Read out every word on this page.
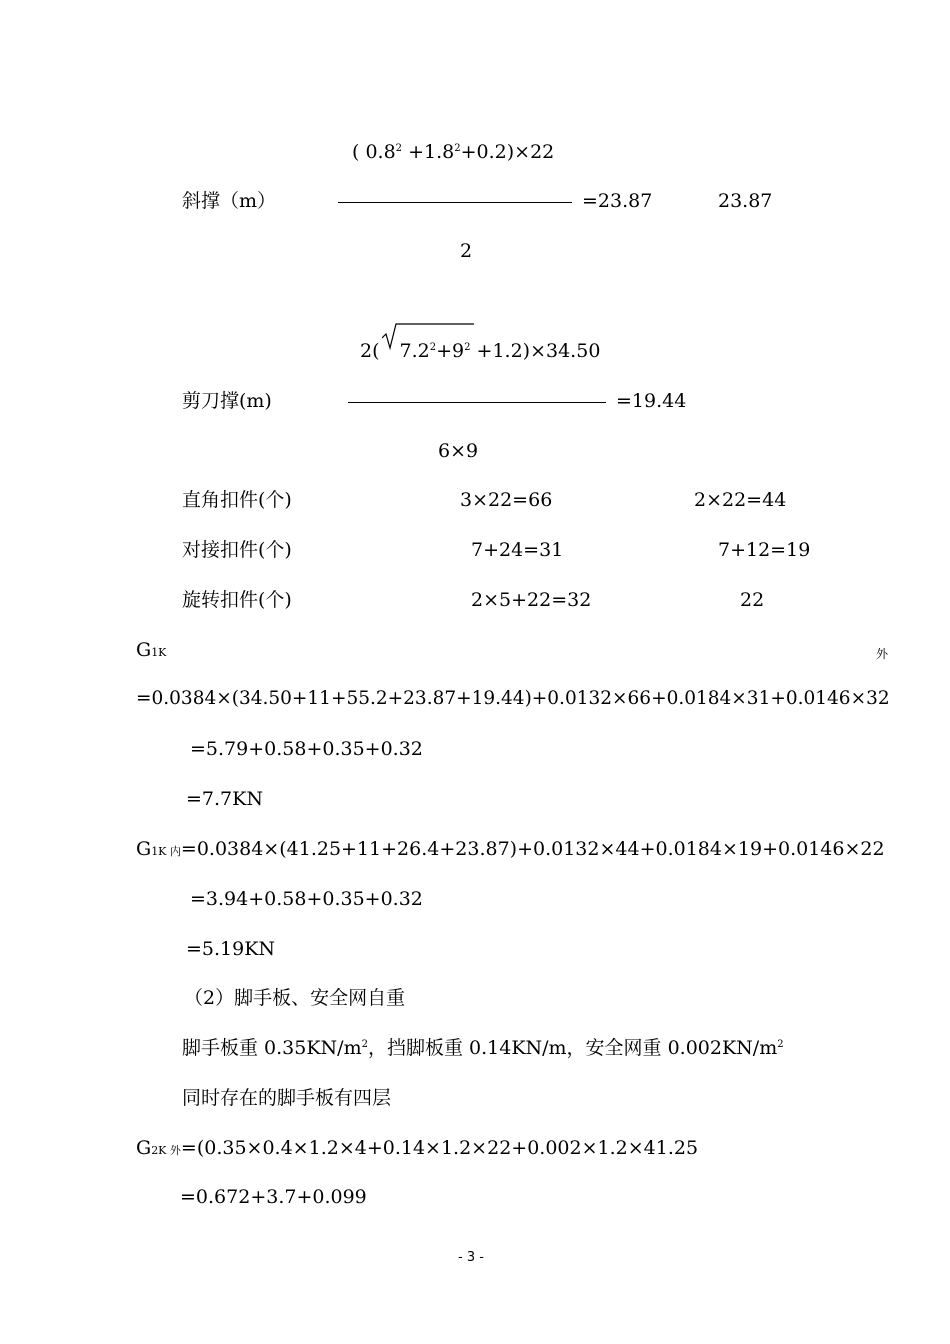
( $0.8^2 +1.8^2+0.2)\times 22$
斜撑（m）	=23.87	23.87
2
2( $7.2^2+9^2 +1.2)\times 34.50$
剪刀撑(m)	=19.44
6×9
直角扣件(个)	3×22=66	2×22=44
对接扣件(个)	7+24=31	7+12=19
旋转扣件(个)	2×5+22=32	22
G1K	外
=0.0384×(34.50+11+55.2+23.87+19.44)+0.0132×66+0.0184×31+0.0146×32
=5.79+0.58+0.35+0.32
=7.7KN
G1K 内=0.0384×(41.25+11+26.4+23.87)+0.0132×44+0.0184×19+0.0146×22
=3.94+0.58+0.35+0.32
=5.19KN
（2）脚手板、安全网自重
脚手板重 $0.35KN/m^2$，挡脚板重 0.14KN/m，安全网重 $0.002KN/m^2$
同时存在的脚手板有四层
G2K 外=(0.35×0.4×1.2×4+0.14×1.2×22+0.002×1.2×41.25
=0.672+3.7+0.099
- 3 -
